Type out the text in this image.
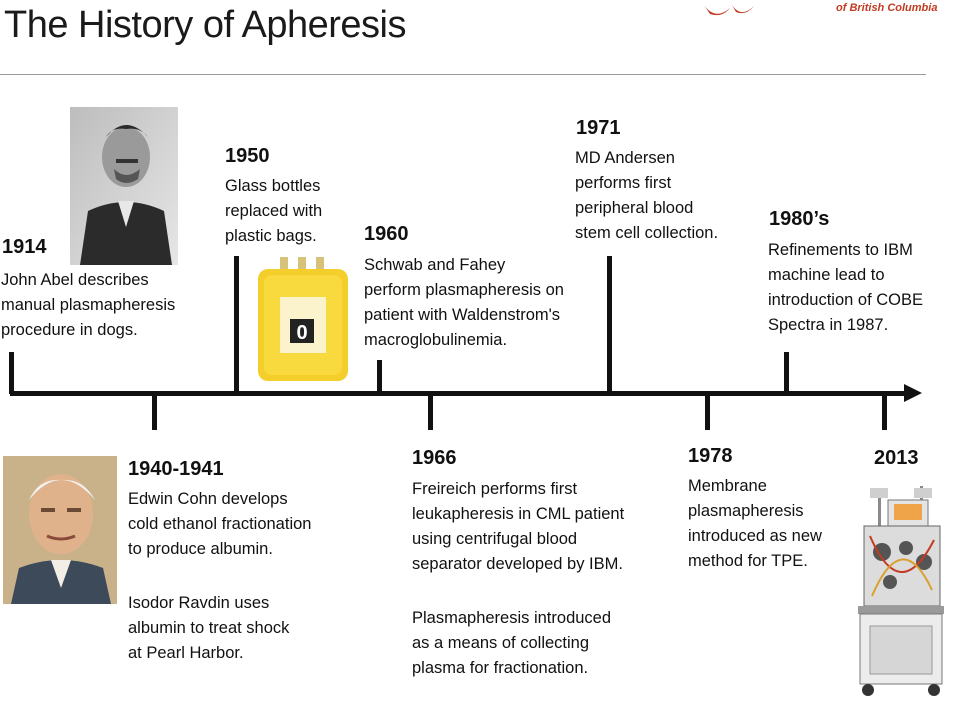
The History of Apheresis	of British Columbia
1914
John Abel describes
manual plasmapheresis
procedure in dogs.
1950
Glass bottles
replaced with
plastic bags.
0
1960
Schwab and Fahey
perform plasmapheresis on
patient with Waldenstrom's
macroglobulinemia.
1971
MD Andersen
performs first
peripheral blood
stem cell collection.
1980’s
Refinements to IBM
machine lead to
introduction of COBE
Spectra in 1987.
1940-1941
Edwin Cohn develops
cold ethanol fractionation
to produce albumin.
Isodor Ravdin uses
albumin to treat shock
at Pearl Harbor.
1966
Freireich performs first
leukapheresis in CML patient
using centrifugal blood
separator developed by IBM.
Plasmapheresis introduced
as a means of collecting
plasma for fractionation.
1978
Membrane
plasmapheresis
introduced as new
method for TPE.
2013
